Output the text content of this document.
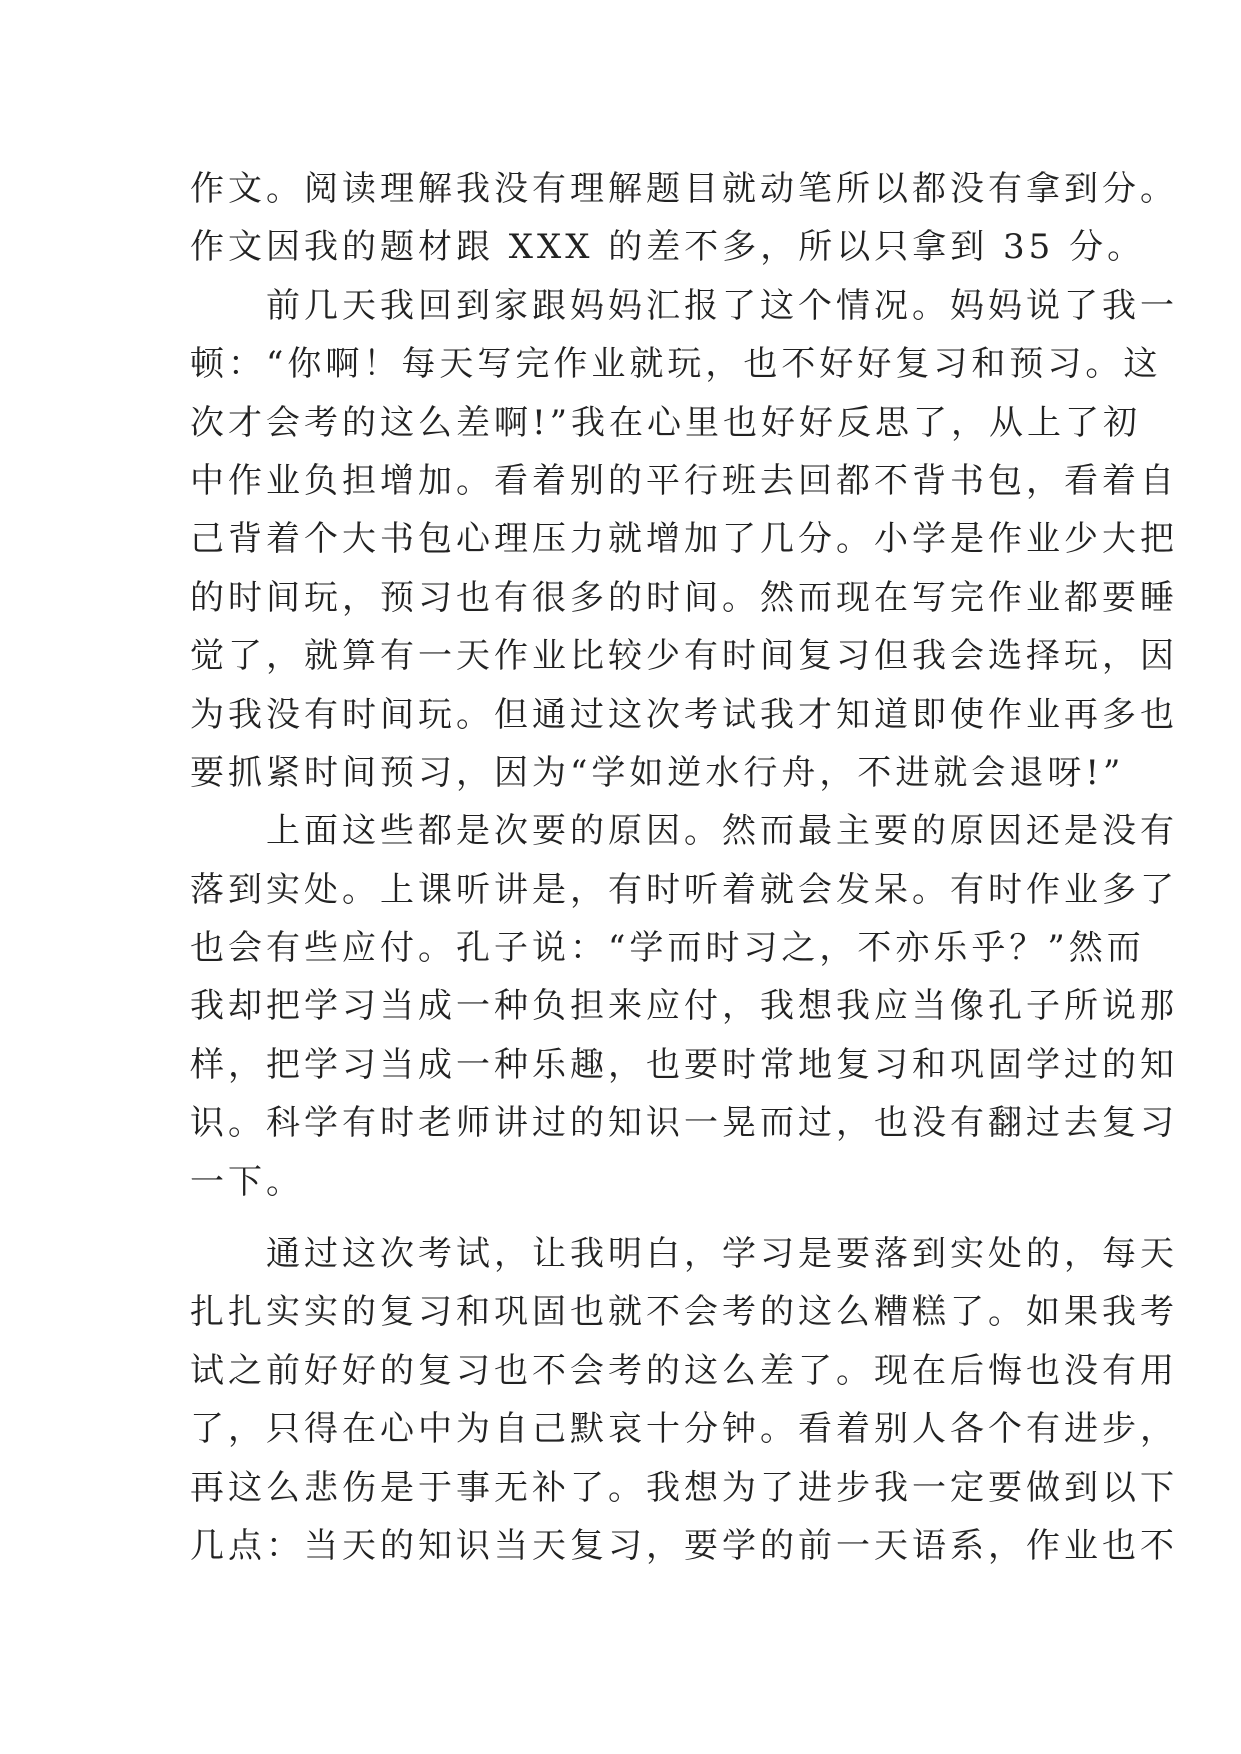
作文。阅读理解我没有理解题目就动笔所以都没有拿到分。
作文因我的题材跟 XXX 的差不多，所以只拿到 35 分。
　　前几天我回到家跟妈妈汇报了这个情况。妈妈说了我一
顿：“你啊！每天写完作业就玩，也不好好复习和预习。这
次才会考的这么差啊!”我在心里也好好反思了，从上了初
中作业负担增加。看着别的平行班去回都不背书包，看着自
己背着个大书包心理压力就增加了几分。小学是作业少大把
的时间玩，预习也有很多的时间。然而现在写完作业都要睡
觉了，就算有一天作业比较少有时间复习但我会选择玩，因
为我没有时间玩。但通过这次考试我才知道即使作业再多也
要抓紧时间预习，因为“学如逆水行舟，不进就会退呀!”
　　上面这些都是次要的原因。然而最主要的原因还是没有
落到实处。上课听讲是，有时听着就会发呆。有时作业多了
也会有些应付。孔子说：“学而时习之，不亦乐乎？”然而
我却把学习当成一种负担来应付，我想我应当像孔子所说那
样，把学习当成一种乐趣，也要时常地复习和巩固学过的知
识。科学有时老师讲过的知识一晃而过，也没有翻过去复习
一下。
　　通过这次考试，让我明白，学习是要落到实处的，每天
扎扎实实的复习和巩固也就不会考的这么糟糕了。如果我考
试之前好好的复习也不会考的这么差了。现在后悔也没有用
了，只得在心中为自己默哀十分钟。看着别人各个有进步，
再这么悲伤是于事无补了。我想为了进步我一定要做到以下
几点：当天的知识当天复习，要学的前一天语系，作业也不
